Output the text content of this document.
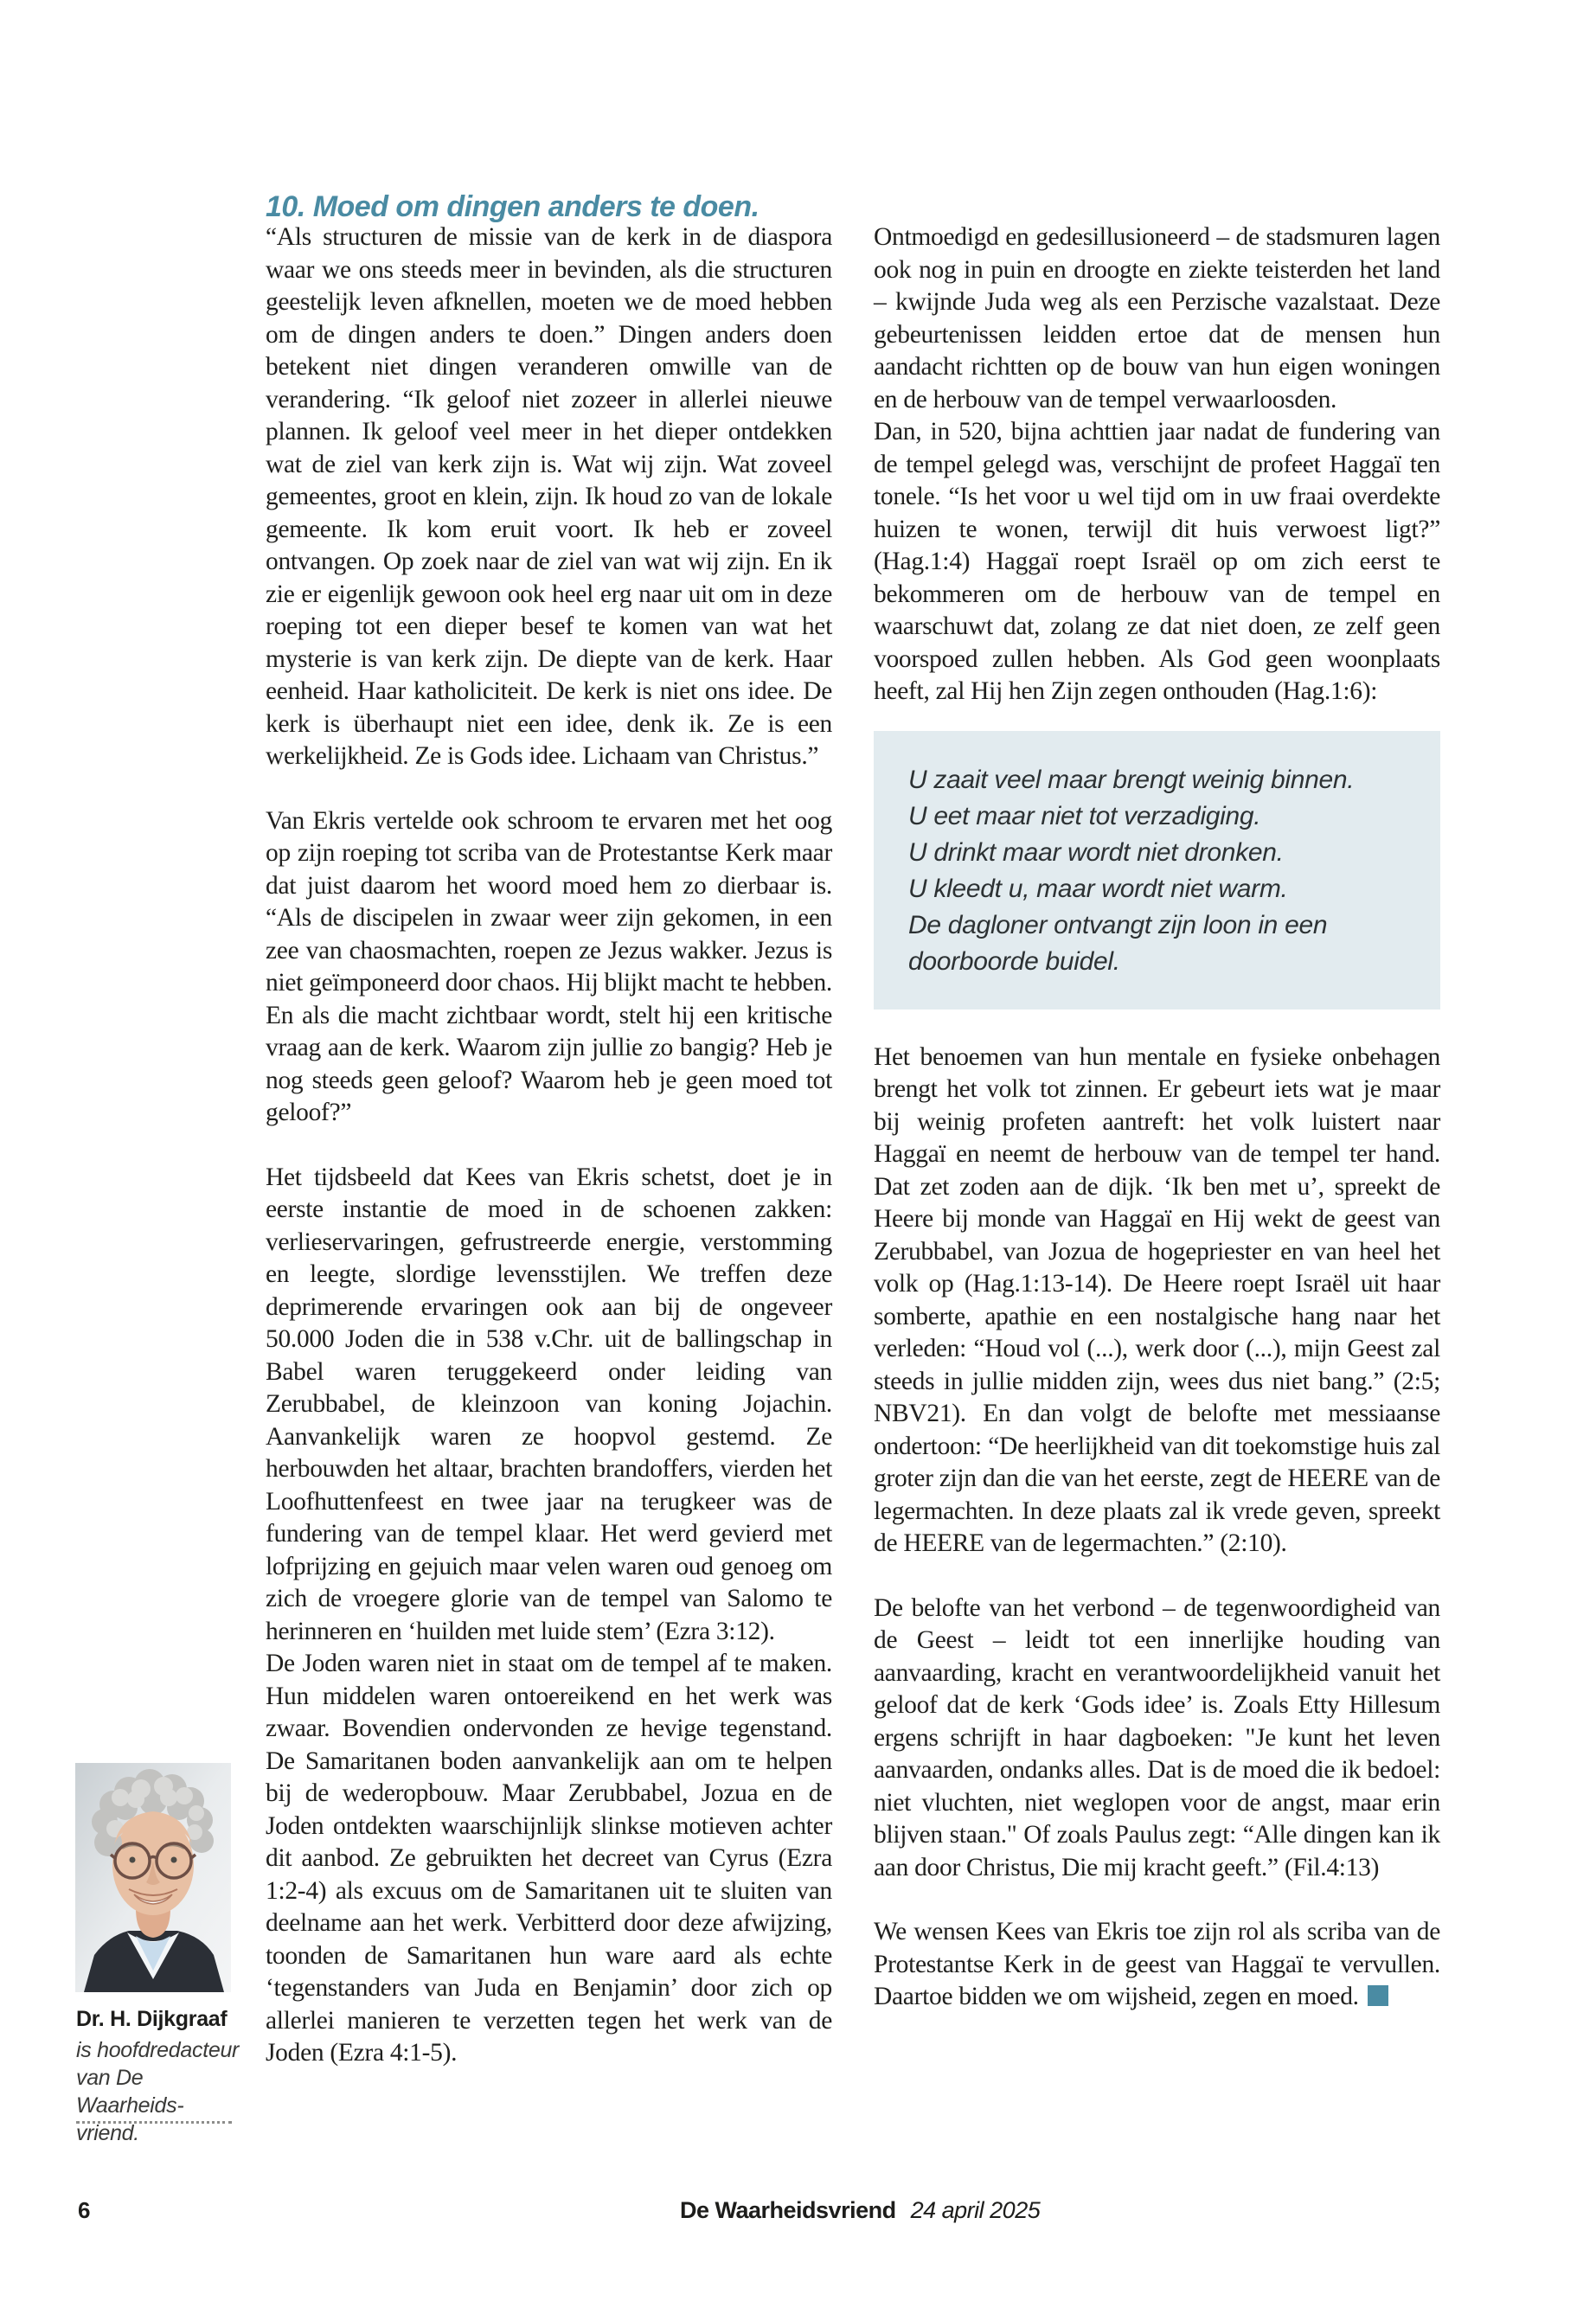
10. Moed om dingen anders te doen.

“Als structuren de missie van de kerk in de diaspora waar we ons steeds meer in bevinden, als die structuren geestelijk leven afknellen, moeten we de moed hebben om de dingen anders te doen.” Dingen anders doen betekent niet dingen veranderen omwille van de verandering. “Ik geloof niet zozeer in allerlei nieuwe plannen. Ik geloof veel meer in het dieper ontdekken wat de ziel van kerk zijn is. Wat wij zijn. Wat zoveel gemeentes, groot en klein, zijn. Ik houd zo van de lokale gemeente. Ik kom eruit voort. Ik heb er zoveel ontvangen. Op zoek naar de ziel van wat wij zijn. En ik zie er eigenlijk gewoon ook heel erg naar uit om in deze roeping tot een dieper besef te komen van wat het mysterie is van kerk zijn. De diepte van de kerk. Haar eenheid. Haar katholiciteit. De kerk is niet ons idee. De kerk is überhaupt niet een idee, denk ik. Ze is een werkelijkheid. Ze is Gods idee. Lichaam van Christus.”

Van Ekris vertelde ook schroom te ervaren met het oog op zijn roeping tot scriba van de Protestantse Kerk maar dat juist daarom het woord moed hem zo dierbaar is. “Als de discipelen in zwaar weer zijn gekomen, in een zee van chaosmachten, roepen ze Jezus wakker. Jezus is niet geïmponeerd door chaos. Hij blijkt macht te hebben. En als die macht zichtbaar wordt, stelt hij een kritische vraag aan de kerk. Waarom zijn jullie zo bangig? Heb je nog steeds geen geloof? Waarom heb je geen moed tot geloof?”

Het tijdsbeeld dat Kees van Ekris schetst, doet je in eerste instantie de moed in de schoenen zakken: verlieservaringen, gefrustreerde energie, verstomming en leegte, slordige levensstijlen. We treffen deze deprimerende ervaringen ook aan bij de ongeveer 50.000 Joden die in 538 v.Chr. uit de ballingschap in Babel waren teruggekeerd onder leiding van Zerubbabel, de kleinzoon van koning Jojachin. Aanvankelijk waren ze hoopvol gestemd. Ze herbouwden het altaar, brachten brandoffers, vierden het Loofhuttenfeest en twee jaar na terugkeer was de fundering van de tempel klaar. Het werd gevierd met lofprijzing en gejuich maar velen waren oud genoeg om zich de vroegere glorie van de tempel van Salomo te herinneren en ‘huilden met luide stem’ (Ezra 3:12).

De Joden waren niet in staat om de tempel af te maken. Hun middelen waren ontoereikend en het werk was zwaar. Bovendien ondervonden ze hevige tegenstand. De Samaritanen boden aanvankelijk aan om te helpen bij de wederopbouw. Maar Zerubbabel, Jozua en de Joden ontdekten waarschijnlijk slinkse motieven achter dit aanbod. Ze gebruikten het decreet van Cyrus (Ezra 1:2-4) als excuus om de Samaritanen uit te sluiten van deelname aan het werk. Verbitterd door deze afwijzing, toonden de Samaritanen hun ware aard als echte ‘tegenstanders van Juda en Benjamin’ door zich op allerlei manieren te verzetten tegen het werk van de Joden (Ezra 4:1-5).

Ontmoedigd en gedesillusioneerd – de stadsmuren lagen ook nog in puin en droogte en ziekte teisterden het land – kwijnde Juda weg als een Perzische vazalstaat. Deze gebeurtenissen leidden ertoe dat de mensen hun aandacht richtten op de bouw van hun eigen woningen en de herbouw van de tempel verwaarloosden.

Dan, in 520, bijna achttien jaar nadat de fundering van de tempel gelegd was, verschijnt de profeet Haggaï ten tonele. “Is het voor u wel tijd om in uw fraai overdekte huizen te wonen, terwijl dit huis verwoest ligt?” (Hag.1:4) Haggaï roept Israël op om zich eerst te bekommeren om de herbouw van de tempel en waarschuwt dat, zolang ze dat niet doen, ze zelf geen voorspoed zullen hebben. Als God geen woonplaats heeft, zal Hij hen Zijn zegen onthouden (Hag.1:6):

U zaait veel maar brengt weinig binnen.
U eet maar niet tot verzadiging.
U drinkt maar wordt niet dronken.
U kleedt u, maar wordt niet warm.
De dagloner ontvangt zijn loon in een
doorboorde buidel.

Het benoemen van hun mentale en fysieke onbehagen brengt het volk tot zinnen. Er gebeurt iets wat je maar bij weinig profeten aantreft: het volk luistert naar Haggaï en neemt de herbouw van de tempel ter hand. Dat zet zoden aan de dijk. ‘Ik ben met u’, spreekt de Heere bij monde van Haggaï en Hij wekt de geest van Zerubbabel, van Jozua de hogepriester en van heel het volk op (Hag.1:13-14). De Heere roept Israël uit haar somberte, apathie en een nostalgische hang naar het verleden: “Houd vol (...), werk door (...), mijn Geest zal steeds in jullie midden zijn, wees dus niet bang.” (2:5; NBV21). En dan volgt de belofte met messiaanse ondertoon: “De heerlijkheid van dit toekomstige huis zal groter zijn dan die van het eerste, zegt de HEERE van de legermachten. In deze plaats zal ik vrede geven, spreekt de HEERE van de legermachten.” (2:10).

De belofte van het verbond – de tegenwoordigheid van de Geest – leidt tot een innerlijke houding van aanvaarding, kracht en verantwoordelijkheid vanuit het geloof dat de kerk ‘Gods idee’ is. Zoals Etty Hillesum ergens schrijft in haar dagboeken: "Je kunt het leven aanvaarden, ondanks alles. Dat is de moed die ik bedoel: niet vluchten, niet weglopen voor de angst, maar erin blijven staan." Of zoals Paulus zegt: “Alle dingen kan ik aan door Christus, Die mij kracht geeft.” (Fil.4:13)

We wensen Kees van Ekris toe zijn rol als scriba van de Protestantse Kerk in de geest van Haggaï te vervullen. Daartoe bidden we om wijsheid, zegen en moed.

Dr. H. Dijkgraaf
is hoofdredacteur
van De Waarheids-
vriend.
6	De Waarheidsvriend 24 april 2025
